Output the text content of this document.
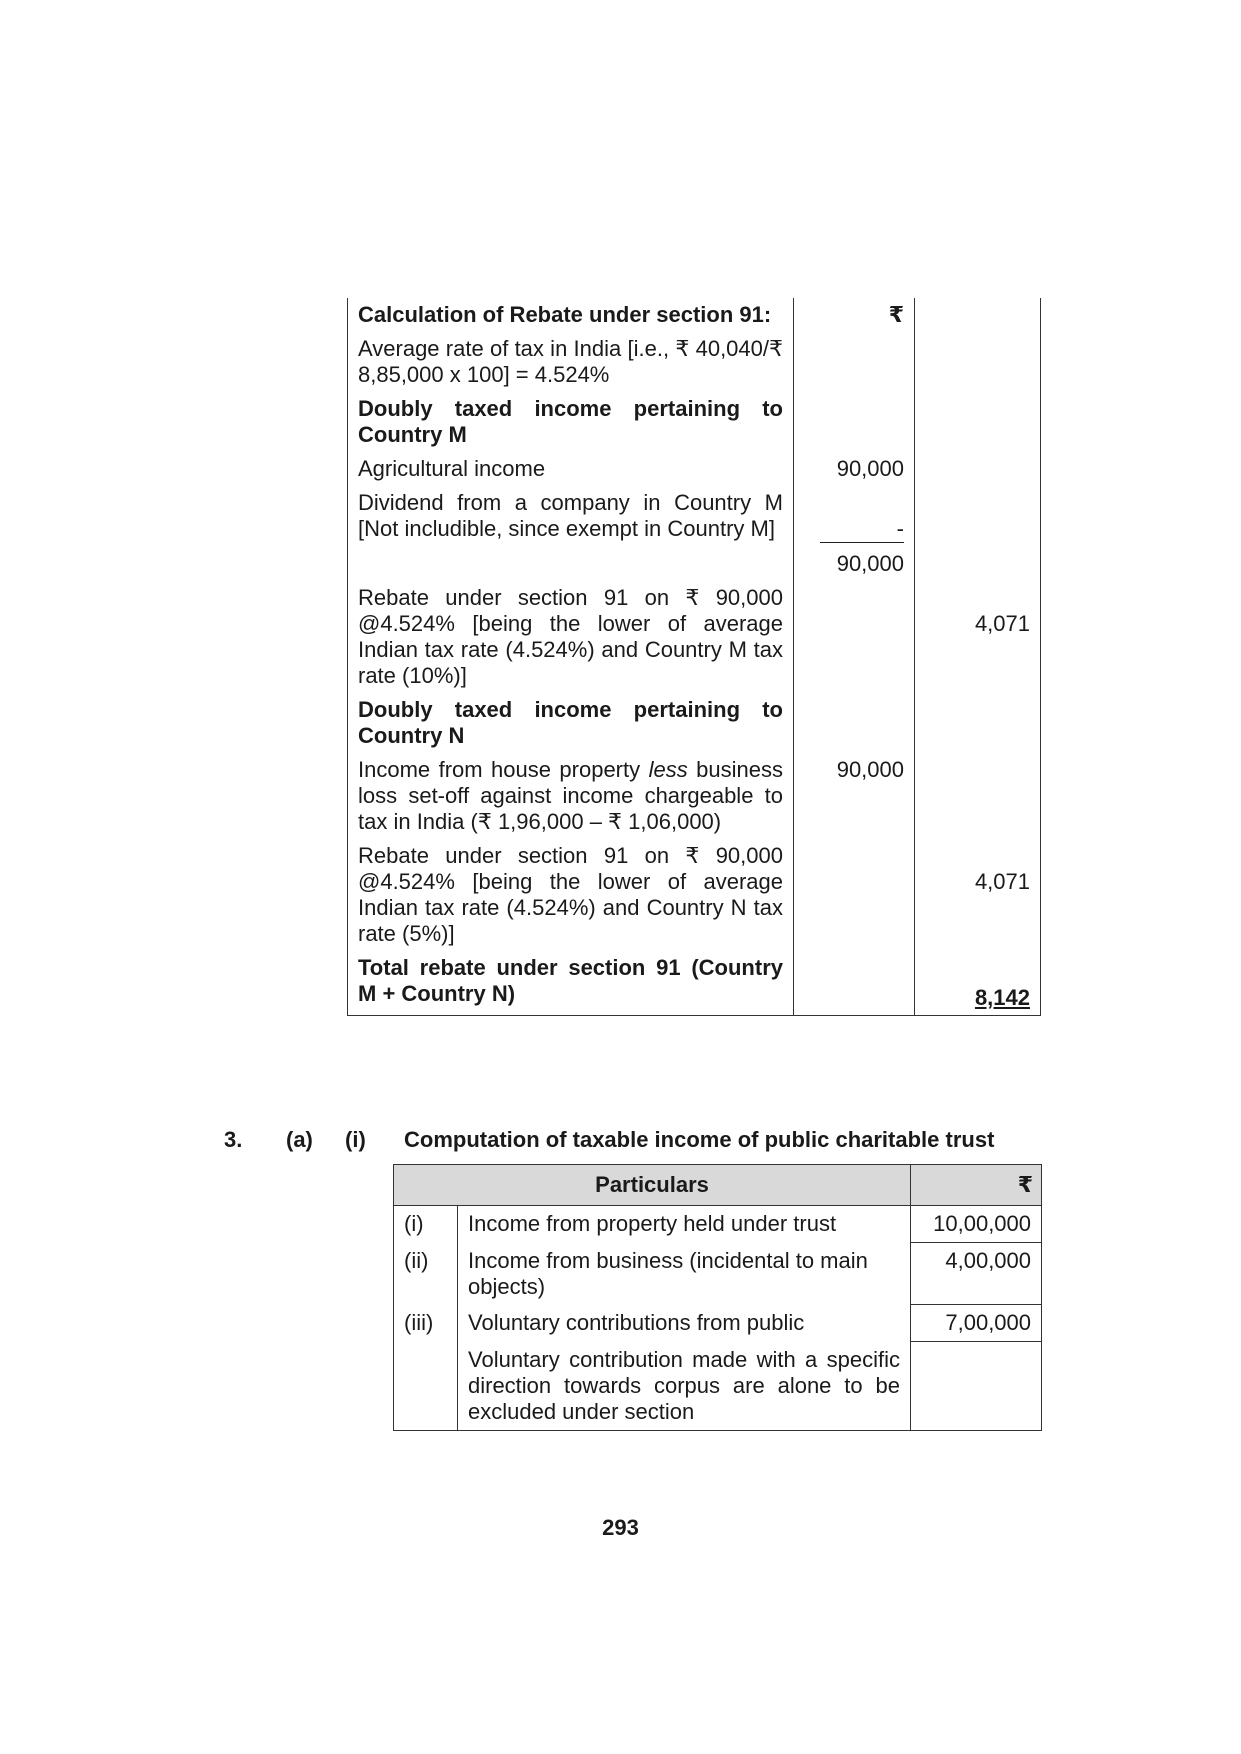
Calculation of Rebate under section 91:	₹	
Average rate of tax in India [i.e., ₹ 40,040/₹ 8,85,000 x 100] = 4.524%		
Doubly taxed income pertaining to Country M		
Agricultural income	90,000	
Dividend from a company in Country M [Not includible, since exempt in Country M]	-	
	90,000	
Rebate under section 91 on ₹ 90,000 @4.524% [being the lower of average Indian tax rate (4.524%) and Country M tax rate (10%)]		4,071
Doubly taxed income pertaining to Country N		
Income from house property less business loss set-off against income chargeable to tax in India (₹ 1,96,000 – ₹ 1,06,000)	90,000	
Rebate under section 91 on ₹ 90,000 @4.524% [being the lower of average Indian tax rate (4.524%) and Country N tax rate (5%)]		4,071
Total rebate under section 91 (Country M + Country N)		8,142
3. (a) (i) Computation of taxable income of public charitable trust
Particulars		₹
(i)	Income from property held under trust	10,00,000
(ii)	Income from business (incidental to main objects)	4,00,000
(iii)	Voluntary contributions from public	7,00,000
	Voluntary contribution made with a specific direction towards corpus are alone to be excluded under section	
293
